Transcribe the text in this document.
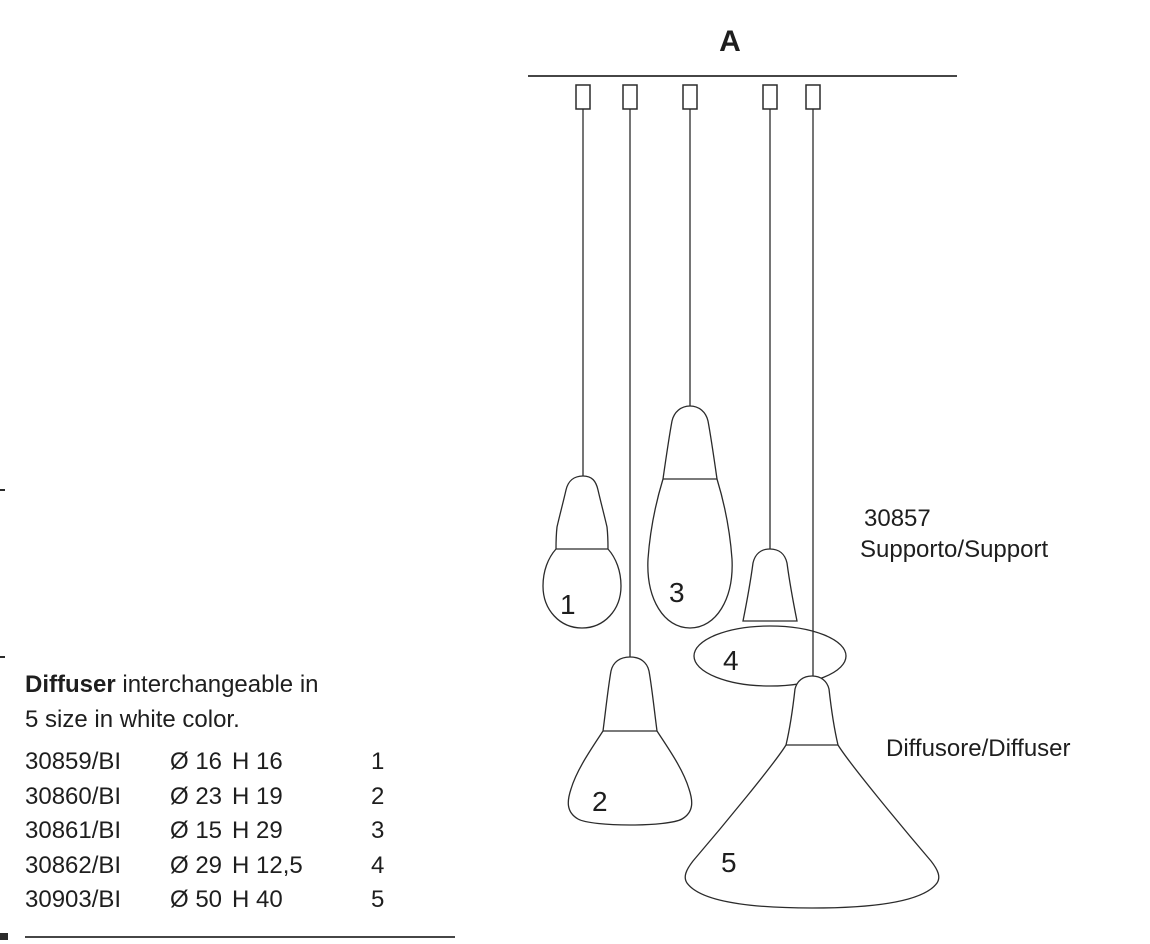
1
2
3
4
5
A
30857
Supporto/Support
Diffusore/Diffuser
Diffuser interchangeable in
5 size in white color.
30859/BI	Ø 16 H 16	1
30860/BI	Ø 23 H 19	2
30861/BI	Ø 15 H 29	3
30862/BI	Ø 29 H 12,5	4
30903/BI	Ø 50 H 40	5
